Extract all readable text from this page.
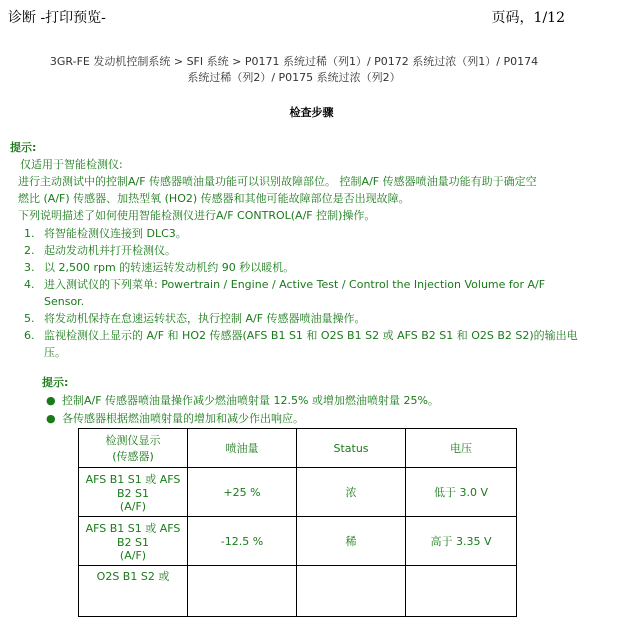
诊断 -打印预览-	页码，1/12
3GR-FE 发动机控制系统 > SFI 系统 > P0171 系统过稀（列1）/ P0172 系统过浓（列1）/ P0174
系统过稀（列2）/ P0175 系统过浓（列2）
检查步骤
提示:
仅适用于智能检测仪:
进行主动测试中的控制A/F 传感器喷油量功能可以识别故障部位。 控制A/F 传感器喷油量功能有助于确定空
燃比 (A/F) 传感器、加热型氧 (HO2) 传感器和其他可能故障部位是否出现故障。
下列说明描述了如何使用智能检测仪进行A/F CONTROL(A/F 控制)操作。
1. 将智能检测仪连接到 DLC3。
2. 起动发动机并打开检测仪。
3. 以 2,500 rpm 的转速运转发动机约 90 秒以暖机。
4. 进入测试仪的下列菜单: Powertrain / Engine / Active Test / Control the Injection Volume for A/F Sensor.
5. 将发动机保持在怠速运转状态，执行控制 A/F 传感器喷油量操作。
6. 监视检测仪上显示的 A/F 和 HO2 传感器(AFS B1 S1 和 O2S B1 S2 或 AFS B2 S1 和 O2S B2 S2)的输出电压。
提示:
● 控制A/F 传感器喷油量操作减少燃油喷射量 12.5% 或增加燃油喷射量 25%。
● 各传感器根据燃油喷射量的增加和减少作出响应。
检测仪显示
(传感器)	喷油量	Status	电压
AFS B1 S1 或 AFS B2 S1
(A/F)	+25 %	浓	低于 3.0 V
AFS B1 S1 或 AFS B2 S1
(A/F)	-12.5 %	稀	高于 3.35 V
O2S B1 S2 或			
